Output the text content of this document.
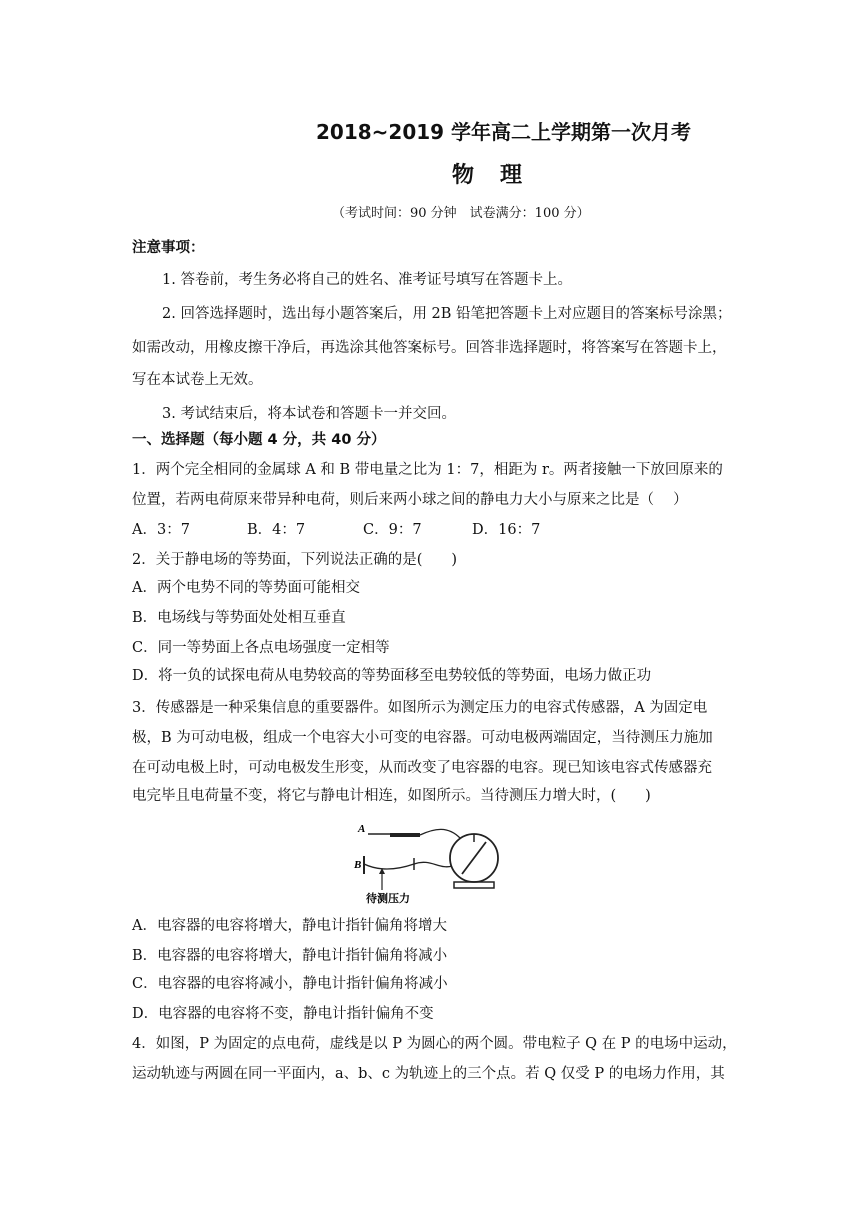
2018~2019 学年高二上学期第一次月考
物理
（考试时间：90 分钟　试卷满分：100 分）
注意事项：
1. 答卷前，考生务必将自己的姓名、准考证号填写在答题卡上。
2. 回答选择题时，选出每小题答案后，用 2B 铅笔把答题卡上对应题目的答案标号涂黑；
如需改动，用橡皮擦干净后，再选涂其他答案标号。回答非选择题时，将答案写在答题卡上，
写在本试卷上无效。
3. 考试结束后，将本试卷和答题卡一并交回。
一、选择题（每小题 4 分，共 40 分）
1．两个完全相同的金属球 A 和 B 带电量之比为 1：7，相距为 r。两者接触一下放回原来的
位置，若两电荷原来带异种电荷，则后来两小球之间的静电力大小与原来之比是（　 ）
A．3：7	B．4：7	C．9：7	D．16：7
2．关于静电场的等势面，下列说法正确的是(　　)
A．两个电势不同的等势面可能相交
B．电场线与等势面处处相互垂直
C．同一等势面上各点电场强度一定相等
D．将一负的试探电荷从电势较高的等势面移至电势较低的等势面，电场力做正功
3．传感器是一种采集信息的重要器件。如图所示为测定压力的电容式传感器，A 为固定电
极，B 为可动电极，组成一个电容大小可变的电容器。可动电极两端固定，当待测压力施加
在可动电极上时，可动电极发生形变，从而改变了电容器的电容。现已知该电容式传感器充
电完毕且电荷量不变，将它与静电计相连，如图所示。当待测压力增大时，(　　)
A
B
待测压力
A．电容器的电容将增大，静电计指针偏角将增大
B．电容器的电容将增大，静电计指针偏角将减小
C．电容器的电容将减小，静电计指针偏角将减小
D．电容器的电容将不变，静电计指针偏角不变
4．如图，P 为固定的点电荷，虚线是以 P 为圆心的两个圆。带电粒子 Q 在 P 的电场中运动，
运动轨迹与两圆在同一平面内，a、b、c 为轨迹上的三个点。若 Q 仅受 P 的电场力作用，其
